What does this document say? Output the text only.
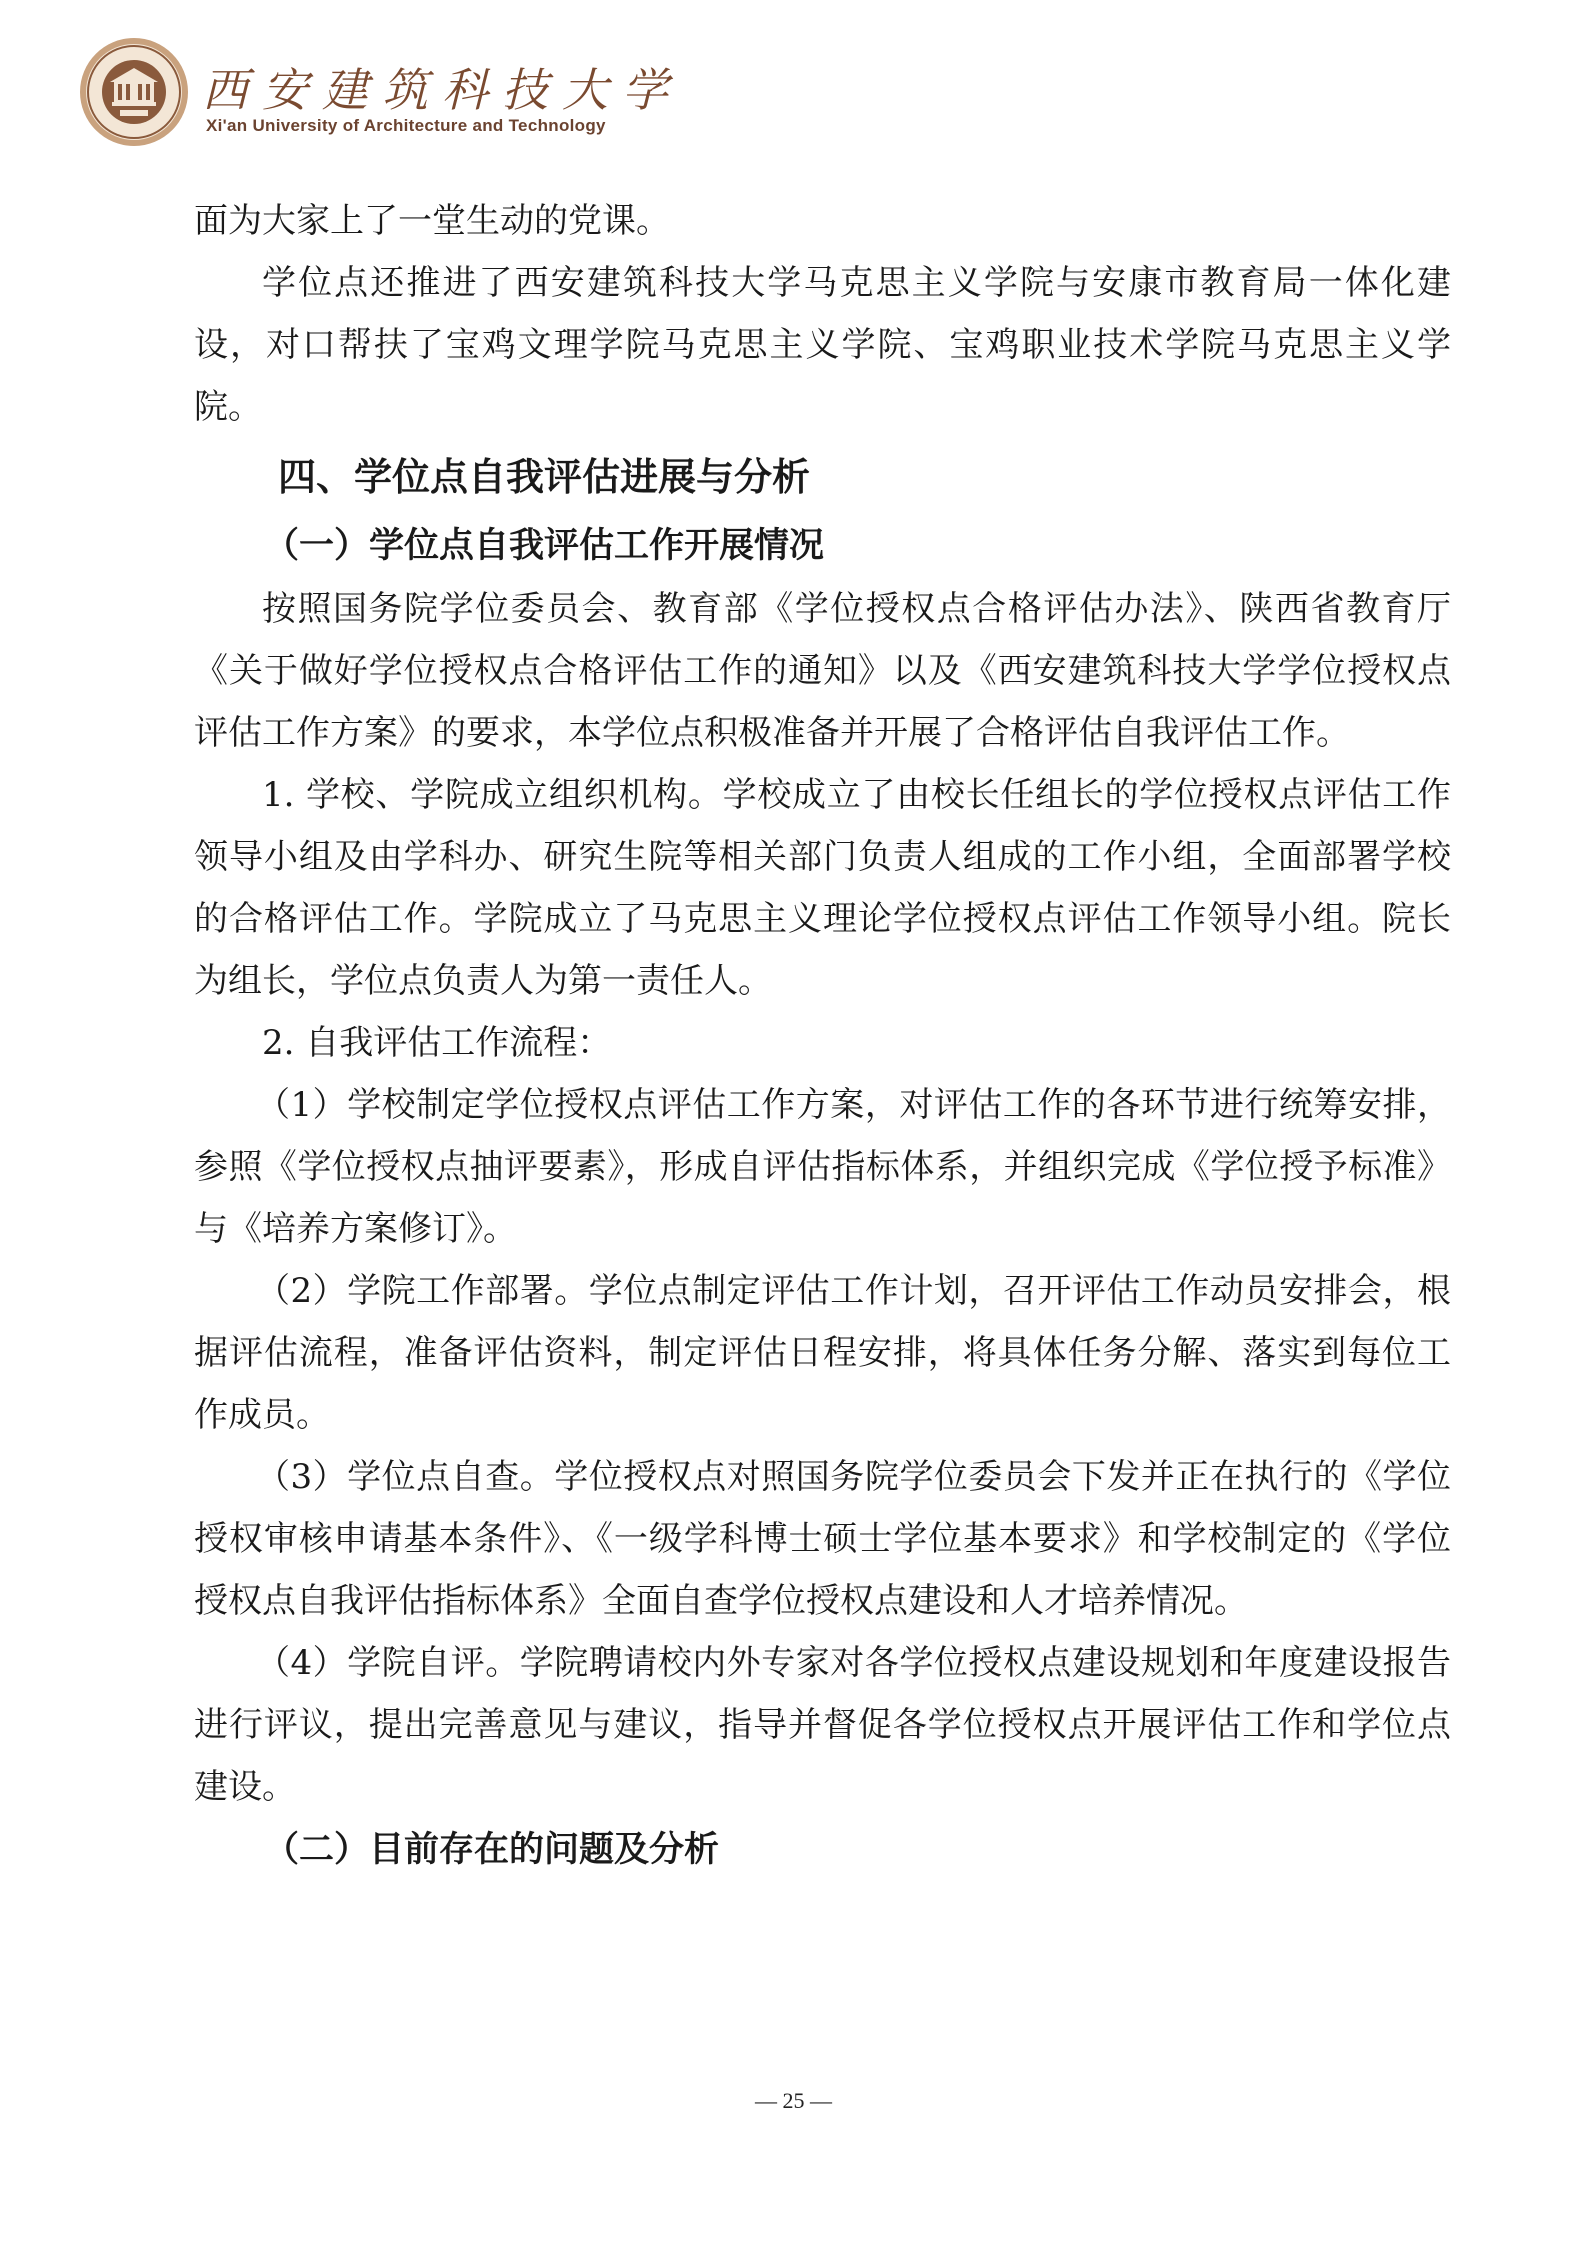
西安建筑科技大学
Xi'an University of Architecture and Technology

面为大家上了一堂生动的党课。

学位点还推进了西安建筑科技大学马克思主义学院与安康市教育局一体化建设，对口帮扶了宝鸡文理学院马克思主义学院、宝鸡职业技术学院马克思主义学院。

四、学位点自我评估进展与分析
（一）学位点自我评估工作开展情况

按照国务院学位委员会、教育部《学位授权点合格评估办法》、陕西省教育厅《关于做好学位授权点合格评估工作的通知》以及《西安建筑科技大学学位授权点评估工作方案》的要求，本学位点积极准备并开展了合格评估自我评估工作。

1. 学校、学院成立组织机构。学校成立了由校长任组长的学位授权点评估工作领导小组及由学科办、研究生院等相关部门负责人组成的工作小组，全面部署学校的合格评估工作。学院成立了马克思主义理论学位授权点评估工作领导小组。院长为组长，学位点负责人为第一责任人。

2. 自我评估工作流程：

（1）学校制定学位授权点评估工作方案，对评估工作的各环节进行统筹安排，参照《学位授权点抽评要素》，形成自评估指标体系，并组织完成《学位授予标准》与《培养方案修订》。

（2）学院工作部署。学位点制定评估工作计划，召开评估工作动员安排会，根据评估流程，准备评估资料，制定评估日程安排，将具体任务分解、落实到每位工作成员。

（3）学位点自查。学位授权点对照国务院学位委员会下发并正在执行的《学位授权审核申请基本条件》、《一级学科博士硕士学位基本要求》和学校制定的《学位授权点自我评估指标体系》全面自查学位授权点建设和人才培养情况。

（4）学院自评。学院聘请校内外专家对各学位授权点建设规划和年度建设报告进行评议，提出完善意见与建议，指导并督促各学位授权点开展评估工作和学位点建设。

（二）目前存在的问题及分析
— 25 —
